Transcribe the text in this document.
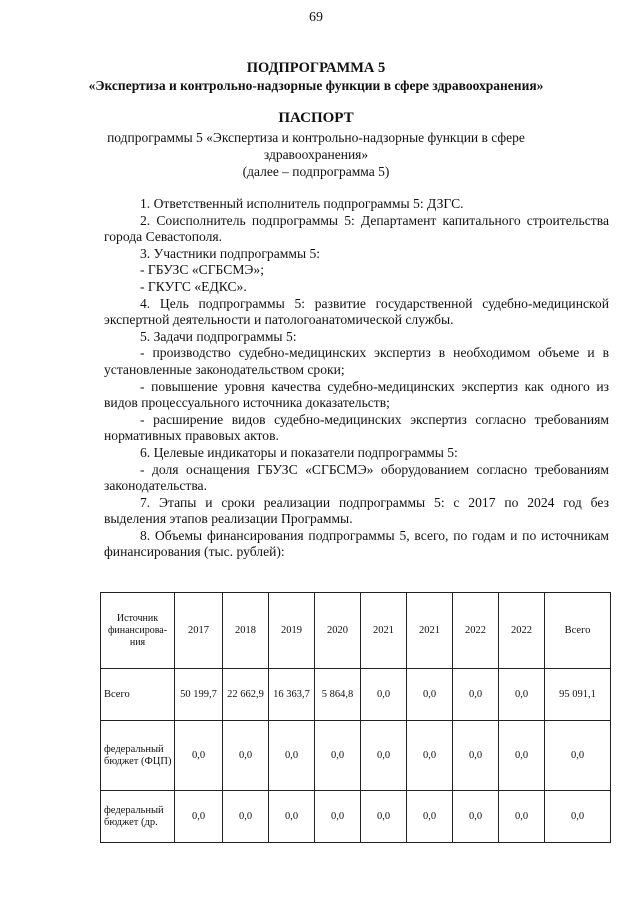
69
ПОДПРОГРАММА 5
«Экспертиза и контрольно-надзорные функции в сфере здравоохранения»
ПАСПОРТ
подпрограммы 5 «Экспертиза и контрольно-надзорные функции в сфере
здравоохранения»
(далее – подпрограмма 5)

1. Ответственный исполнитель подпрограммы 5: ДЗГС.

2. Соисполнитель подпрограммы 5: Департамент капитального строительства города Севастополя.

3. Участники подпрограммы 5:

- ГБУЗС «СГБСМЭ»;

- ГКУГС «ЕДКС».

4. Цель подпрограммы 5: развитие государственной судебно-медицинской экспертной деятельности и патологоанатомической службы.

5. Задачи подпрограммы 5:

- производство судебно-медицинских экспертиз в необходимом объеме и в установленные законодательством сроки;

- повышение уровня качества судебно-медицинских экспертиз как одного из видов процессуального источника доказательств;

- расширение видов судебно-медицинских экспертиз согласно требованиям нормативных правовых актов.

6. Целевые индикаторы и показатели подпрограммы 5:

- доля оснащения ГБУЗС «СГБСМЭ» оборудованием согласно требованиям законодательства.

7. Этапы и сроки реализации подпрограммы 5: с 2017 по 2024 год без выделения этапов реализации Программы.

8. Объемы финансирования подпрограммы 5, всего, по годам и по источникам финансирования (тыс. рублей):

Источник финансирова-ния	2017	2018	2019	2020	2021	2021	2022	2022	Всего
Всего	50 199,7	22 662,9	16 363,7	5 864,8	0,0	0,0	0,0	0,0	95 091,1
федеральный бюджет (ФЦП)	0,0	0,0	0,0	0,0	0,0	0,0	0,0	0,0	0,0
федеральный бюджет (др.	0,0	0,0	0,0	0,0	0,0	0,0	0,0	0,0	0,0
